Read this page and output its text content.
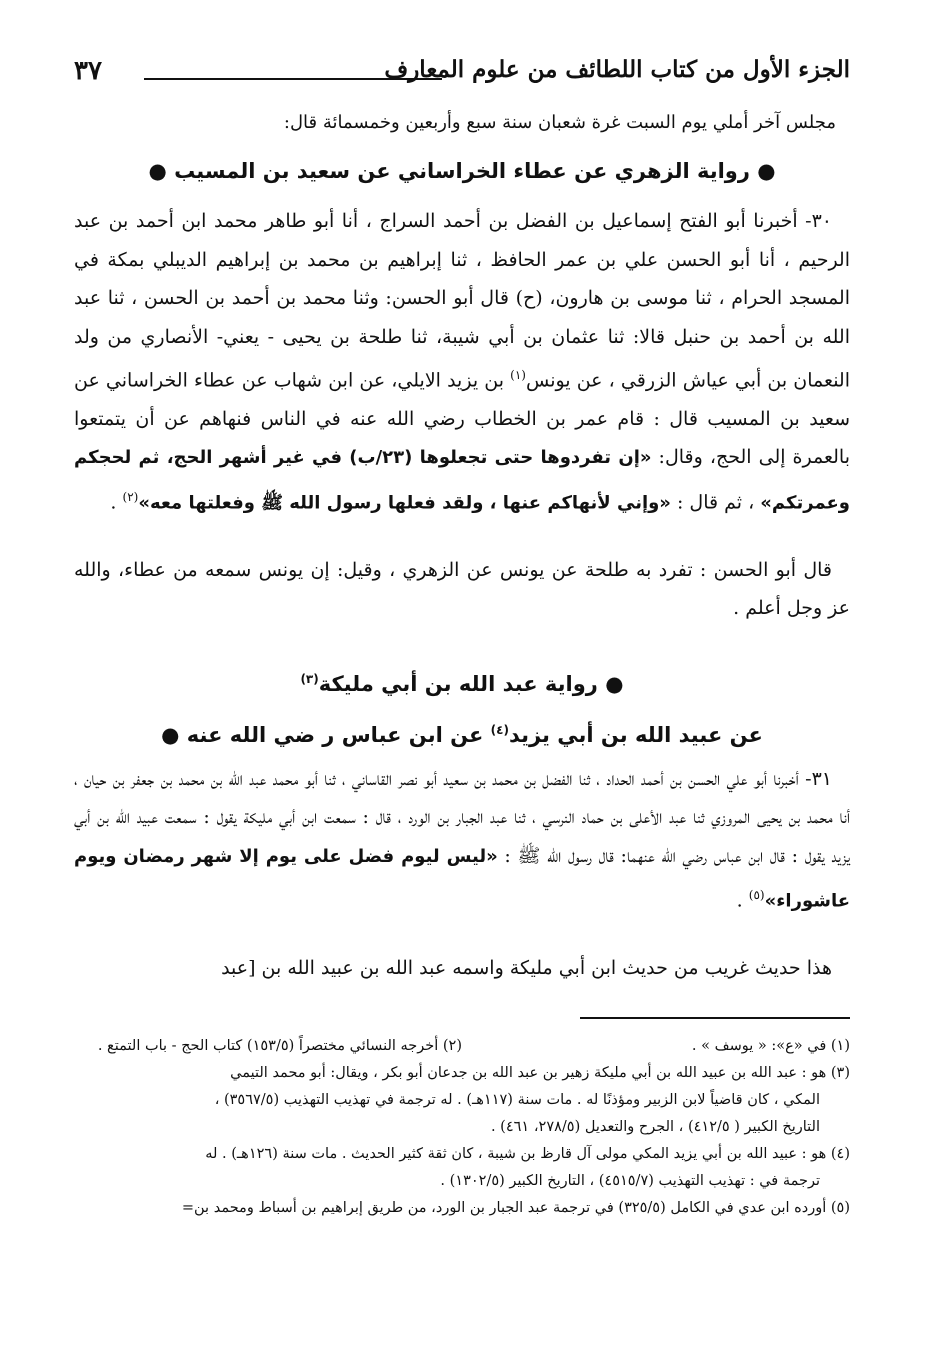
الجزء الأول من كتاب اللطائف من علوم المعارف
٣٧
مجلس آخر أملي يوم السبت غرة شعبان سنة سبع وأربعين وخمسمائة قال:
● رواية الزهري عن عطاء الخراساني عن سعيد بن المسيب ●
٣٠- أخبرنا أبو الفتح إسماعيل بن الفضل بن أحمد السراج ، أنا أبو طاهر محمد ابن أحمد بن عبد الرحيم ، أنا أبو الحسن علي بن عمر الحافظ ، ثنا إبراهيم بن محمد بن إبراهيم الديبلي بمكة في المسجد الحرام ، ثنا موسى بن هارون، (ح) قال أبو الحسن: وثنا محمد بن أحمد بن الحسن ، ثنا عبد الله بن أحمد بن حنبل قالا: ثنا عثمان بن أبي شيبة، ثنا طلحة بن يحيى - يعني- الأنصاري من ولد النعمان بن أبي عياش الزرقي ، عن يونس$^{(١)}$ بن يزيد الايلي، عن ابن شهاب عن عطاء الخراساني عن سعيد بن المسيب قال : قام عمر بن الخطاب رضي الله عنه في الناس فنهاهم عن أن يتمتعوا بالعمرة إلى الحج، وقال: «إن تفردوها حتى تجعلوها (٢٣/ب) في غير أشهر الحج، ثم لحجكم وعمرتكم» ، ثم قال : «وإني لأنهاكم عنها ، ولقد فعلها رسول الله ﷺ وفعلتها معه»$^{(٢)}$ .
قال أبو الحسن : تفرد به طلحة عن يونس عن الزهري ، وقيل: إن يونس سمعه من عطاء، والله عز وجل أعلم .
● رواية عبد الله بن أبي مليكة$^{(٣)}$
عن عبيد الله بن أبي يزيد$^{(٤)}$ عن ابن عباس ر ضي الله عنه ●
٣١- أخبرنا أبو علي الحسن بن أحمد الحداد ، ثنا الفضل بن محمد بن سعيد أبو نصر القاساني ، ثنا أبو محمد عبد الله بن محمد بن جعفر بن حيان ، أنا محمد بن يحيى المروزي ثنا عبد الأعلى بن حماد النرسي ، ثنا عبد الجبار بن الورد ، قال : سمعت ابن أبي مليكة يقول : سمعت عبيد الله بن أبي يزيد يقول : قال ابن عباس رضي الله عنهما: قال رسول الله ﷺ : «ليس ليوم فضل على يوم إلا شهر رمضان ويوم عاشوراء»$^{(٥)}$ .
هذا حديث غريب من حديث ابن أبي مليكة واسمه عبد الله بن عبيد الله بن [عبد
(١) في «ع»: « يوسف » .
(٢) أخرجه النسائي مختصراً (١٥٣/٥) كتاب الحج - باب التمتع .
(٣) هو : عبد الله بن عبيد الله بن أبي مليكة زهير بن عبد الله بن جدعان أبو بكر ، ويقال: أبو محمد التيمي
المكي ، كان قاضياً لابن الزبير ومؤذنًا له . مات سنة (١١٧هـ) . له ترجمة في تهذيب التهذيب (٣٥٦٧/٥) ،
التاريخ الكبير ( ٤١٢/٥) ، الجرح والتعديل (٢٧٨/٥، ٤٦١) .
(٤) هو : عبيد الله بن أبي يزيد المكي مولى آل قارظ بن شيبة ، كان ثقة كثير الحديث . مات سنة (١٢٦هـ) . له
ترجمة في : تهذيب التهذيب (٤٥١٥/٧) ، التاريخ الكبير (١٣٠٢/٥) .
(٥) أورده ابن عدي في الكامل (٣٢٥/٥) في ترجمة عبد الجبار بن الورد، من طريق إبراهيم بن أسباط ومحمد بن=
